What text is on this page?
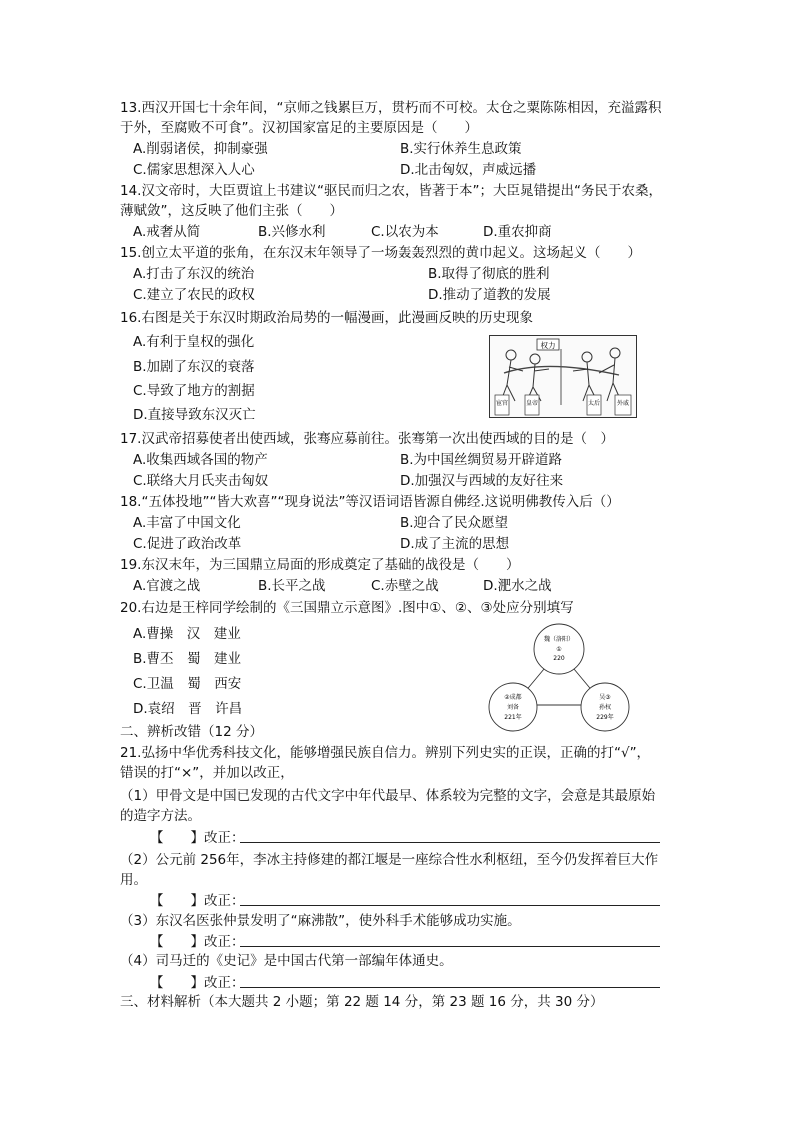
13.西汉开国七十余年间，“京师之钱累巨万，贯朽而不可校。太仓之粟陈陈相因，充溢露积
于外，至腐败不可食”。汉初国家富足的主要原因是（　　）
A.削弱诸侯，抑制豪强	B.实行休养生息政策
C.儒家思想深入人心	D.北击匈奴，声威远播
14.汉文帝时，大臣贾谊上书建议“驱民而归之农，皆著于本”；大臣晁错提出“务民于农桑，
薄赋敛”，这反映了他们主张（　　）
A.戒奢从简	B.兴修水利	C.以农为本	D.重农抑商
15.创立太平道的张角，在东汉末年领导了一场轰轰烈烈的黄巾起义。这场起义（　　）
A.打击了东汉的统治	B.取得了彻底的胜利
C.建立了农民的政权	D.推动了道教的发展
16.右图是关于东汉时期政治局势的一幅漫画，此漫画反映的历史现象
A.有利于皇权的强化
B.加剧了东汉的衰落
C.导致了地方的割据
D.直接导致东汉灭亡
权力
宦官	皇帝	太后	外戚
17.汉武帝招募使者出使西域，张骞应募前往。张骞第一次出使西域的目的是（　）
A.收集西域各国的物产	B.为中国丝绸贸易开辟道路
C.联络大月氏夹击匈奴	D.加强汉与西域的友好往来
18.“五体投地”“皆大欢喜”“现身说法”等汉语词语皆源自佛经.这说明佛教传入后（）
A.丰富了中国文化	B.迎合了民众愿望
C.促进了政治改革	D.成了主流的思想
19.东汉末年，为三国鼎立局面的形成奠定了基础的战役是（　　）
A.官渡之战	B.长平之战	C.赤壁之战	D.淝水之战
20.右边是王梓同学绘制的《三国鼎立示意图》.图中①、②、③处应分别填写
A.曹操　汉　建业
B.曹丕　蜀　建业
C.卫温　蜀　西安
D.袁绍　晋　许昌
魏（洛阳）
①
220
②成都
刘备
221年
吴③
孙权
229年
二、辨析改错（12 分）
21.弘扬中华优秀科技文化，能够增强民族自信力。辨别下列史实的正误，正确的打“√”，
错误的打“×”，并加以改正，
（1）甲骨文是中国已发现的古代文字中年代最早、体系较为完整的文字，会意是其最原始
的造字方法。
【　　】改正：
（2）公元前 256年，李冰主持修建的都江堰是一座综合性水利枢纽，至今仍发挥着巨大作
用。
【　　】改正：
（3）东汉名医张仲景发明了“麻沸散”，使外科手术能够成功实施。
【　　】改正：
（4）司马迁的《史记》是中国古代第一部编年体通史。
【　　】改正：
三、材料解析（本大题共 2 小题；第 22 题 14 分，第 23 题 16 分，共 30 分）
